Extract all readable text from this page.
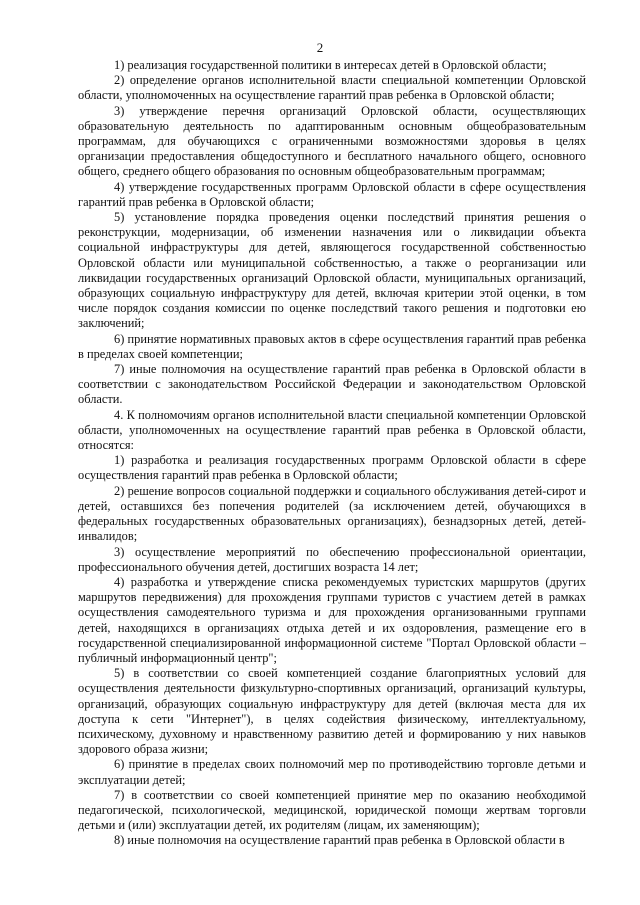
2

1) реализация государственной политики в интересах детей в Орловской области;

2) определение органов исполнительной власти специальной компетенции Орловской области, уполномоченных на осуществление гарантий прав ребенка в Орловской области;

3) утверждение перечня организаций Орловской области, осуществляющих образовательную деятельность по адаптированным основным общеобразовательным программам, для обучающихся с ограниченными возможностями здоровья в целях организации предоставления общедоступного и бесплатного начального общего, основного общего, среднего общего образования по основным общеобразовательным программам;

4) утверждение государственных программ Орловской области в сфере осуществления гарантий прав ребенка в Орловской области;

5) установление порядка проведения оценки последствий принятия решения о реконструкции, модернизации, об изменении назначения или о ликвидации объекта социальной инфраструктуры для детей, являющегося государственной собственностью Орловской области или муниципальной собственностью, а также о реорганизации или ликвидации государственных организаций Орловской области, муниципальных организаций, образующих социальную инфраструктуру для детей, включая критерии этой оценки, в том числе порядок создания комиссии по оценке последствий такого решения и подготовки ею заключений;

6) принятие нормативных правовых актов в сфере осуществления гарантий прав ребенка в пределах своей компетенции;

7) иные полномочия на осуществление гарантий прав ребенка в Орловской области в соответствии с законодательством Российской Федерации и законодательством Орловской области.

4. К полномочиям органов исполнительной власти специальной компетенции Орловской области, уполномоченных на осуществление гарантий прав ребенка в Орловской области, относятся:

1) разработка и реализация государственных программ Орловской области в сфере осуществления гарантий прав ребенка в Орловской области;

2) решение вопросов социальной поддержки и социального обслуживания детей-сирот и детей, оставшихся без попечения родителей (за исключением детей, обучающихся в федеральных государственных образовательных организациях), безнадзорных детей, детей-инвалидов;

3) осуществление мероприятий по обеспечению профессиональной ориентации, профессионального обучения детей, достигших возраста 14 лет;

4) разработка и утверждение списка рекомендуемых туристских маршрутов (других маршрутов передвижения) для прохождения группами туристов с участием детей в рамках осуществления самодеятельного туризма и для прохождения организованными группами детей, находящихся в организациях отдыха детей и их оздоровления, размещение его в государственной специализированной информационной системе "Портал Орловской области – публичный информационный центр";

5) в соответствии со своей компетенцией создание благоприятных условий для осуществления деятельности физкультурно-спортивных организаций, организаций культуры, организаций, образующих социальную инфраструктуру для детей (включая места для их доступа к сети "Интернет"), в целях содействия физическому, интеллектуальному, психическому, духовному и нравственному развитию детей и формированию у них навыков здорового образа жизни;

6) принятие в пределах своих полномочий мер по противодействию торговле детьми и эксплуатации детей;

7) в соответствии со своей компетенцией принятие мер по оказанию необходимой педагогической, психологической, медицинской, юридической помощи жертвам торговли детьми и (или) эксплуатации детей, их родителям (лицам, их заменяющим);

8) иные полномочия на осуществление гарантий прав ребенка в Орловской области в
